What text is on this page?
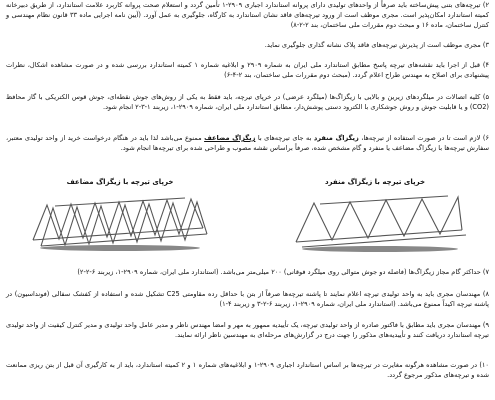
۲) تیرچه‌های بتنی پیش‌ساخته باید صرفاً از واحدهای تولیدی دارای پروانه استاندارد اجباری ۲۹۰۹-۱ تأمین گردد و استعلام صحت پروانه کاربرد علامت استاندارد، از طریق دبیرخانه کمیته استاندارد امکان‌پذیر است. مجری موظف است از ورود تیرچه‌های فاقد نشان استاندارد به کارگاه، جلوگیری به عمل آورد. (آیین نامه اجرایی ماده ۳۳ قانون نظام مهندسی و کنترل ساختمان، ماده ۱۶ و مبحث دوم مقررات ملی ساختمان، بند ۲-۲-۸)
۳) مجری موظف است از پذیرش تیرچه‌های فاقد پلاک نشانه گذاری جلوگیری نماید.
۴) قبل از اجرا باید نقشه‌های تیرچه پاسخ مطابق استاندارد ملی ایران به شماره ۲۹۰۹ و ابلاغیه شماره ۱ کمیته استاندارد بررسی شده و در صورت مشاهده اشکال، نظرات پیشنهادی برای اصلاح به مهندس طراح اعلام گردد. (مبحث دوم مقررات ملی ساختمان، بند ۲-۴-۶)
۵) کلیه اتصالات در میلگردهای زیرین و بالایی با زیگزاگ‌ها (میلگرد عرضی) در خرپای تیرچه، باید فقط به یکی از روش‌های جوش نقطه‌ای، جوش قوس الکتریکی با گاز محافظ (CO2) و یا قابلیت جوش و روش جوشکاری با الکترود دستی پوشش‌دار، مطابق استاندارد ملی ایران، شماره ۲۹۰۹-۱، زیربند ۱-۳-۲ انجام شود.
۶) لازم است تا در صورت استفاده از تیرچه‌ها، زیگزاگ منفرد به جای تیرچه‌های با زیگزاگ مضاعف ممنوع می‌باشد لذا باید در هنگام درخواست خرید از واحد تولیدی معتبر، سفارش تیرچه‌ها با زیگزاگ مضاعف یا منفرد و گام مشخص شده، صرفاً براساس نقشه مصوب و طراحی شده برای تیرچه‌ها انجام شود.
خرپای تیرچه با زیگزاگ مضاعف	خرپای تیرچه با زیگزاگ منفرد
۷) حداکثر گام مجاز زیگزاگ‌ها (فاصله دو جوش متوالی روی میلگرد فوقانی) ۲۰۰ میلی‌متر می‌باشد. (استاندارد ملی ایران، شماره ۲۹۰۹-۱، زیربند ۶-۲-۲)
۸) مهندسان مجری باید به واحد تولیدی تیرچه اعلام نمایند تا پاشنه تیرچه‌ها صرفاً از بتن با حداقل رده مقاومتی C25 تشکیل شده و استفاده از کفشک سفالی (فونداسیون) در پاشنه تیرچه اکیداً ممنوع می‌باشد. (استاندارد ملی ایران، شماره ۲۹۰۹-۱، زیربند ۶-۲-۳ و زیربند ۴-۱)
۹) مهندسان مجری باید مطابق با فاکتور صادره از واحد تولیدی تیرچه، یک تأییدیه ممهور به مهر و امضا مهندس ناظر و مدیر عامل واحد تولیدی و مدیر کنترل کیفیت از واحد تولیدی تیرچه استاندارد دریافت کنند و تأییدیه‌های مذکور را جهت درج در گزارش‌های مرحله‌ای به مهندسین ناظر ارائه نمایند.
۱۰) در صورت مشاهده هرگونه مغایرت در تیرچه‌ها بر اساس استاندارد اجباری ۲۹۰۹-۱ و ابلاغیه‌های شماره ۱ و ۲ کمیته استاندارد، باید از به کارگیری آن قبل از بتن ریزی ممانعت شده و تیرچه‌های مذکور مرجوع گردد.
